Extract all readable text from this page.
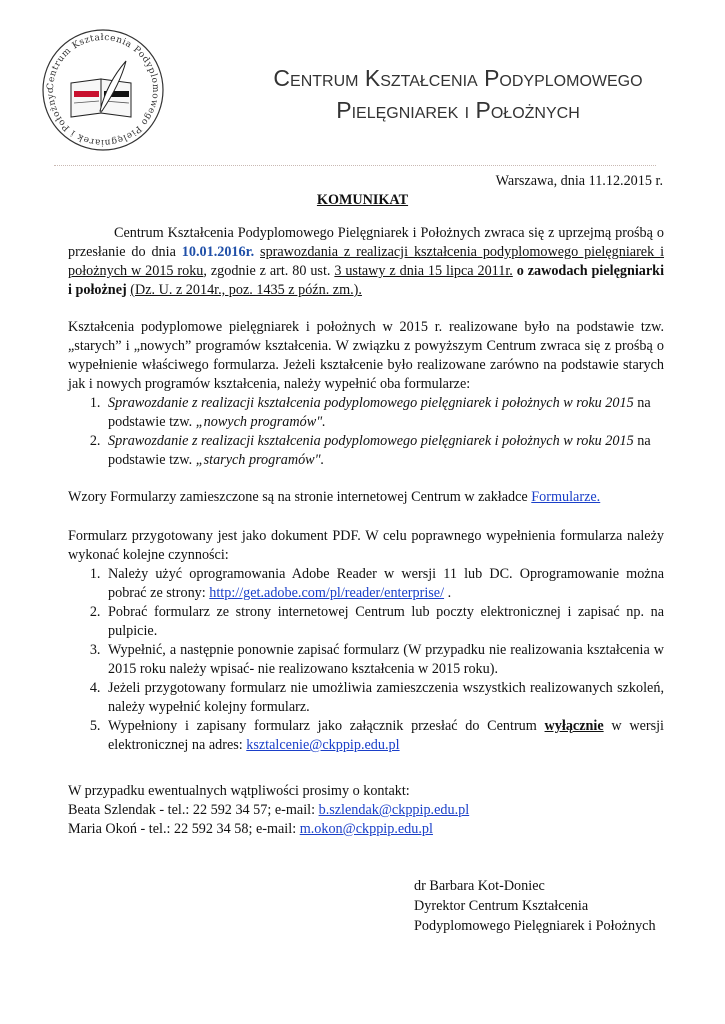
Centrum Kształcenia Podyplomowego Pielęgniarek i Położnyc	Centrum Kształcenia Podyplomowego
Pielęgniarek i Położnych
Warszawa, dnia 11.12.2015 r.
KOMUNIKAT
Centrum Kształcenia Podyplomowego Pielęgniarek i Położnych zwraca się z uprzejmą prośbą o przesłanie do dnia 10.01.2016r. sprawozdania z realizacji kształcenia podyplomowego pielęgniarek i położnych w 2015 roku, zgodnie z art. 80 ust. 3 ustawy z dnia 15 lipca 2011r. o zawodach pielęgniarki i położnej (Dz. U. z 2014r., poz. 1435 z późn. zm.).
Kształcenia podyplomowe pielęgniarek i położnych w 2015 r. realizowane było na podstawie tzw. „starych” i „nowych” programów kształcenia. W związku z powyższym Centrum zwraca się z prośbą o wypełnienie właściwego formularza. Jeżeli kształcenie było realizowane zarówno na podstawie starych jak i nowych programów kształcenia, należy wypełnić oba formularze:
1. Sprawozdanie z realizacji kształcenia podyplomowego pielęgniarek i położnych w roku 2015 na podstawie tzw. „nowych programów".
2. Sprawozdanie z realizacji kształcenia podyplomowego pielęgniarek i położnych w roku 2015 na podstawie tzw. „starych programów".
Wzory Formularzy zamieszczone są na stronie internetowej Centrum w zakładce Formularze.
Formularz przygotowany jest jako dokument PDF. W celu poprawnego wypełnienia formularza należy wykonać kolejne czynności:
1. Należy użyć oprogramowania Adobe Reader w wersji 11 lub DC. Oprogramowanie można pobrać ze strony: http://get.adobe.com/pl/reader/enterprise/ .
2. Pobrać formularz ze strony internetowej Centrum lub poczty elektronicznej i zapisać np. na pulpicie.
3. Wypełnić, a następnie ponownie zapisać formularz (W przypadku nie realizowania kształcenia w 2015 roku należy wpisać- nie realizowano kształcenia w 2015 roku).
4. Jeżeli przygotowany formularz nie umożliwia zamieszczenia wszystkich realizowanych szkoleń, należy wypełnić kolejny formularz.
5. Wypełniony i zapisany formularz jako załącznik przesłać do Centrum wyłącznie w wersji elektronicznej na adres: ksztalcenie@ckppip.edu.pl
W przypadku ewentualnych wątpliwości prosimy o kontakt:
Beata Szlendak - tel.: 22 592 34 57; e-mail: b.szlendak@ckppip.edu.pl
Maria Okoń - tel.: 22 592 34 58; e-mail: m.okon@ckppip.edu.pl
dr Barbara Kot-Doniec
Dyrektor Centrum Kształcenia
Podyplomowego Pielęgniarek i Położnych
